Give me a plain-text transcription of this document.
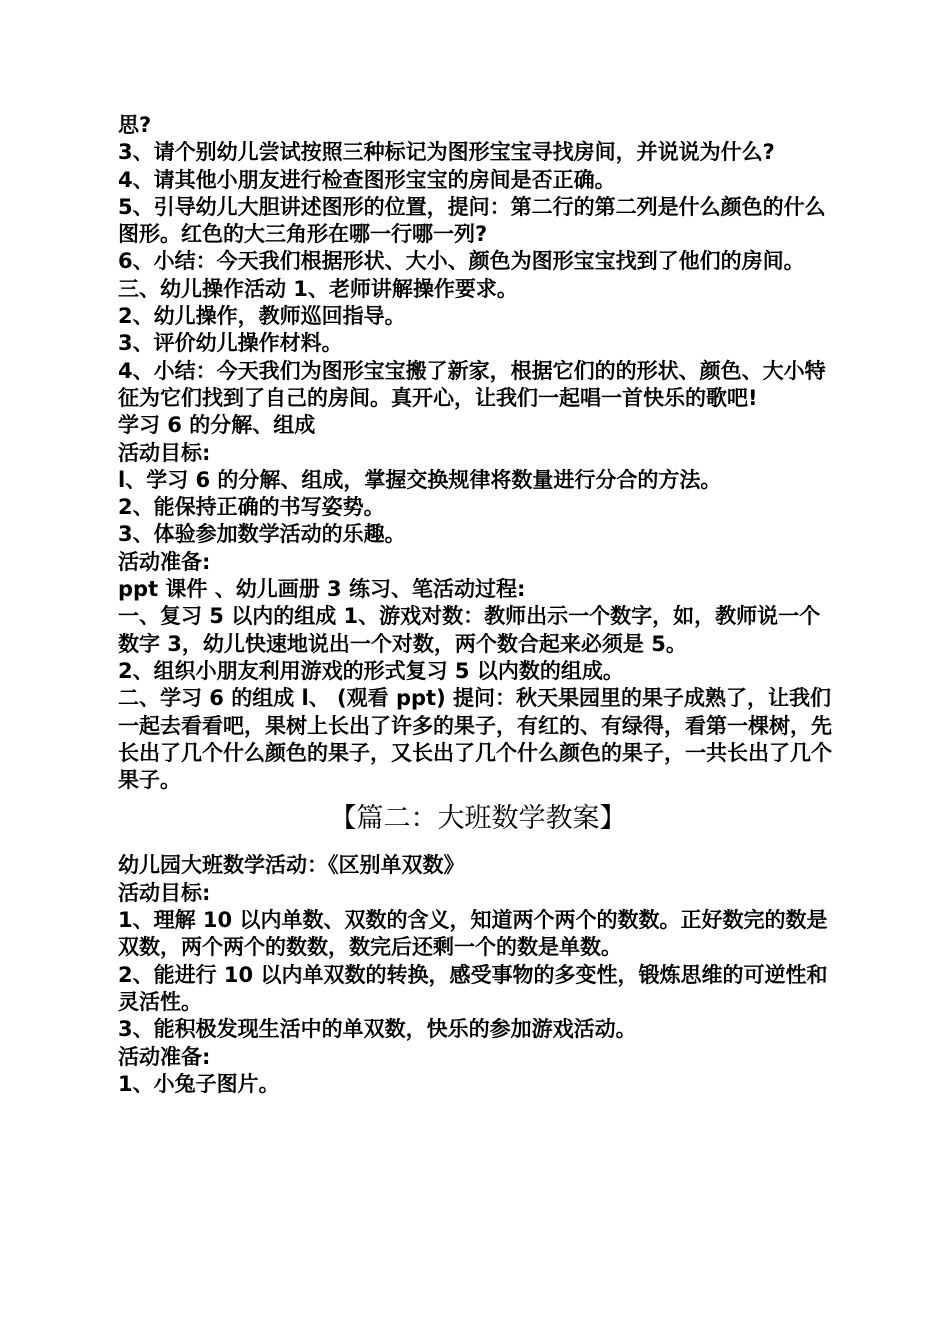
思?

3、请个别幼儿尝试按照三种标记为图形宝宝寻找房间，并说说为什么?

4、请其他小朋友进行检查图形宝宝的房间是否正确。

5、引导幼儿大胆讲述图形的位置，提问：第二行的第二列是什么颜色的什么图形。红色的大三角形在哪一行哪一列?

6、小结：今天我们根据形状、大小、颜色为图形宝宝找到了他们的房间。

三、幼儿操作活动 1、老师讲解操作要求。

2、幼儿操作，教师巡回指导。

3、评价幼儿操作材料。

4、小结：今天我们为图形宝宝搬了新家，根据它们的的形状、颜色、大小特征为它们找到了自己的房间。真开心，让我们一起唱一首快乐的歌吧!

学习 6 的分解、组成

活动目标:

l、学习 6 的分解、组成，掌握交换规律将数量进行分合的方法。

2、能保持正确的书写姿势。

3、体验参加数学活动的乐趣。

活动准备:

ppt 课件 、幼儿画册 3 练习、笔活动过程:

一、复习 5 以内的组成 1、游戏对数：教师出示一个数字，如，教师说一个数字 3，幼儿快速地说出一个对数，两个数合起来必须是 5。

2、组织小朋友利用游戏的形式复习 5 以内数的组成。

二、学习 6 的组成 l、 (观看 ppt) 提问：秋天果园里的果子成熟了，让我们一起去看看吧，果树上长出了许多的果子，有红的、有绿得，看第一棵树，先长出了几个什么颜色的果子，又长出了几个什么颜色的果子，一共长出了几个果子。

【篇二：大班数学教案】

幼儿园大班数学活动：《区别单双数》

活动目标:

1、理解 10 以内单数、双数的含义，知道两个两个的数数。正好数完的数是双数，两个两个的数数，数完后还剩一个的数是单数。

2、能进行 10 以内单双数的转换，感受事物的多变性，锻炼思维的可逆性和灵活性。

3、能积极发现生活中的单双数，快乐的参加游戏活动。

活动准备:

1、小兔子图片。
